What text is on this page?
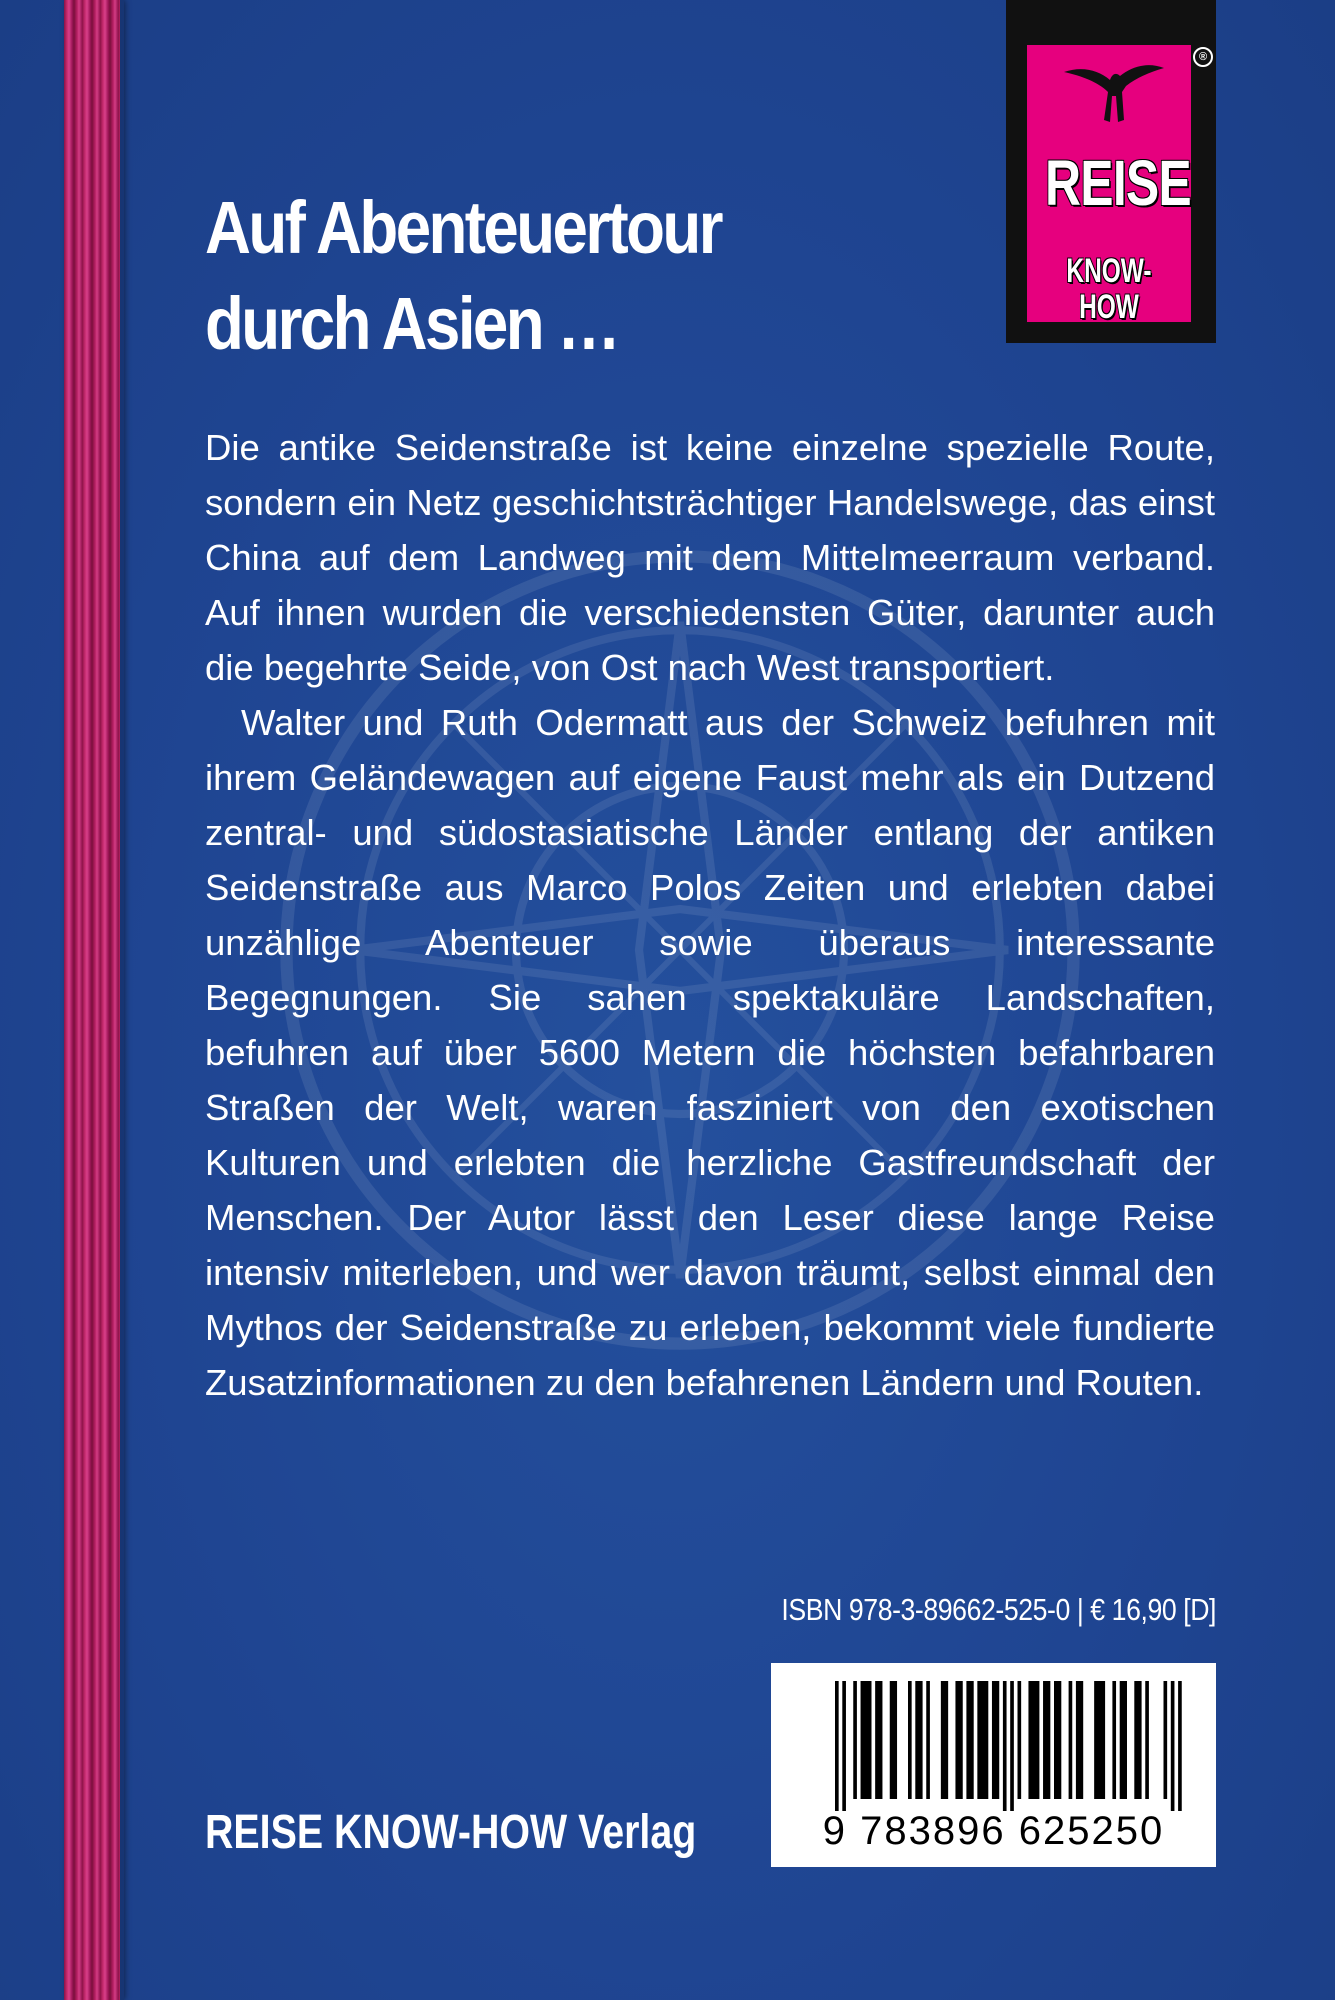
Auf Abenteuertour
durch Asien …
®
REISE
KNOW-HOW

Die antike Seidenstraße ist keine einzelne spezielle Route, sondern ein Netz geschichtsträchtiger Handelswege, das einst China auf dem Landweg mit dem Mittelmeerraum verband. Auf ihnen wurden die verschiedensten Güter, darunter auch die begehrte Seide, von Ost nach West transportiert.

Walter und Ruth Odermatt aus der Schweiz befuhren mit ihrem Geländewagen auf eigene Faust mehr als ein Dutzend zentral- und südostasiatische Länder entlang der antiken Seidenstraße aus Marco Polos Zeiten und erlebten dabei unzählige Abenteuer sowie überaus interessante Begegnungen. Sie sahen spektakuläre Landschaften, befuhren auf über 5600 Metern die höchsten befahrbaren Straßen der Welt, waren fasziniert von den exotischen Kulturen und erlebten die herzliche Gastfreundschaft der Menschen. Der Autor lässt den Leser diese lange Reise intensiv miterleben, und wer davon träumt, selbst einmal den Mythos der Seidenstraße zu erleben, bekommt viele fundierte Zusatzinformationen zu den befahrenen Ländern und Routen.

ISBN 978-3-89662-525-0 | € 16,90 [D]
9 783896 625250
REISE KNOW-HOW Verlag
